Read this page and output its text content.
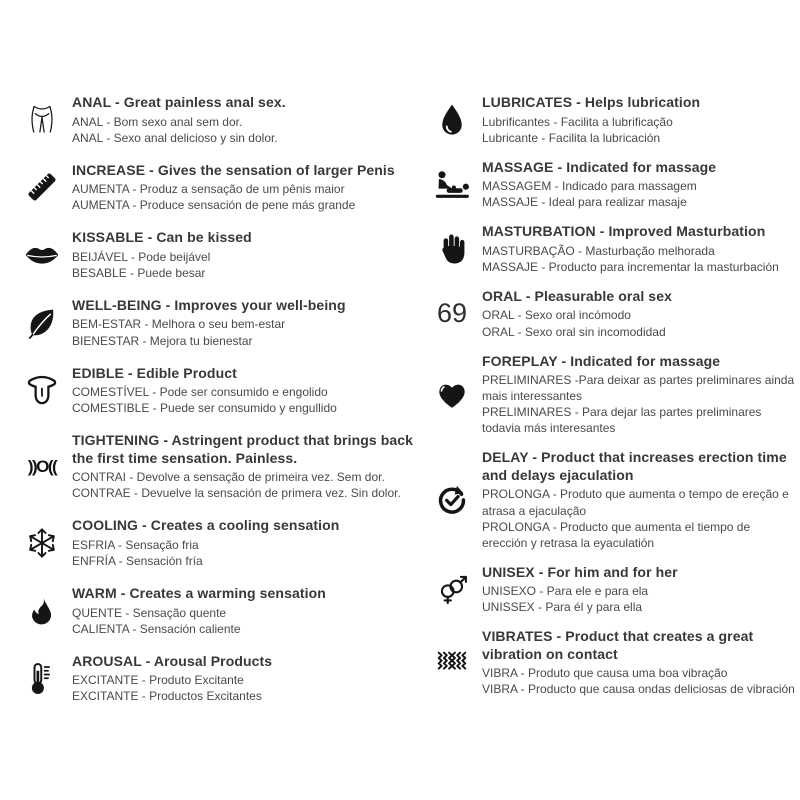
ANAL - Great painless anal sex.

ANAL - Bom sexo anal sem dor.

ANAL - Sexo anal delicioso y sin dolor.

INCREASE - Gives the sensation of larger Penis

AUMENTA - Produz a sensação de um pênis maior

AUMENTA - Produce sensación de pene más grande

KISSABLE - Can be kissed

BEIJÁVEL - Pode beijável

BESABLE - Puede besar

WELL-BEING - Improves your well-being

BEM-ESTAR - Melhora o seu bem-estar

BIENESTAR - Mejora tu bienestar

EDIBLE - Edible Product

COMESTÍVEL - Pode ser consumido e engolido

COMESTIBLE - Puede ser consumido y engullido

))O((

TIGHTENING - Astringent product that brings back the first time sensation. Painless.

CONTRAI - Devolve a sensação de primeira vez. Sem dor.

CONTRAE - Devuelve la sensación de primera vez. Sin dolor.

COOLING - Creates a cooling sensation

ESFRIA - Sensação fria

ENFRÍA - Sensación fría

WARM - Creates a warming sensation

QUENTE - Sensação quente

CALIENTA - Sensación caliente

AROUSAL - Arousal Products

EXCITANTE - Produto Excitante

EXCITANTE - Productos Excitantes

LUBRICATES - Helps lubrication

Lubrificantes - Facilita a lubrificação

Lubricante - Facilita la lubricación

MASSAGE - Indicated for massage

MASSAGEM - Indicado para massagem

MASSAJE - Ideal para realizar masaje

MASTURBATION - Improved Masturbation

MASTURBAÇÃO - Masturbação melhorada

MASSAJE - Producto para incrementar la masturbación

69

ORAL - Pleasurable oral sex

ORAL - Sexo oral incómodo

ORAL - Sexo oral sin incomodidad

FOREPLAY - Indicated for massage

PRELIMINARES -Para deixar as partes preliminares ainda mais interessantes

PRELIMINARES - Para dejar las partes preliminares todavia más interesantes

DELAY - Product that increases erection time and delays ejaculation

PROLONGA - Produto que aumenta o tempo de ereção e atrasa a ejaculação

PROLONGA - Producto que aumenta el tiempo de erección y retrasa la eyaculatión

UNISEX - For him and for her

UNISEXO - Para ele e para ela

UNISSEX - Para él y para ella

VIBRATES - Product that creates a great vibration on contact

VIBRA - Produto que causa uma boa vibração

VIBRA - Producto que causa ondas deliciosas de vibración
